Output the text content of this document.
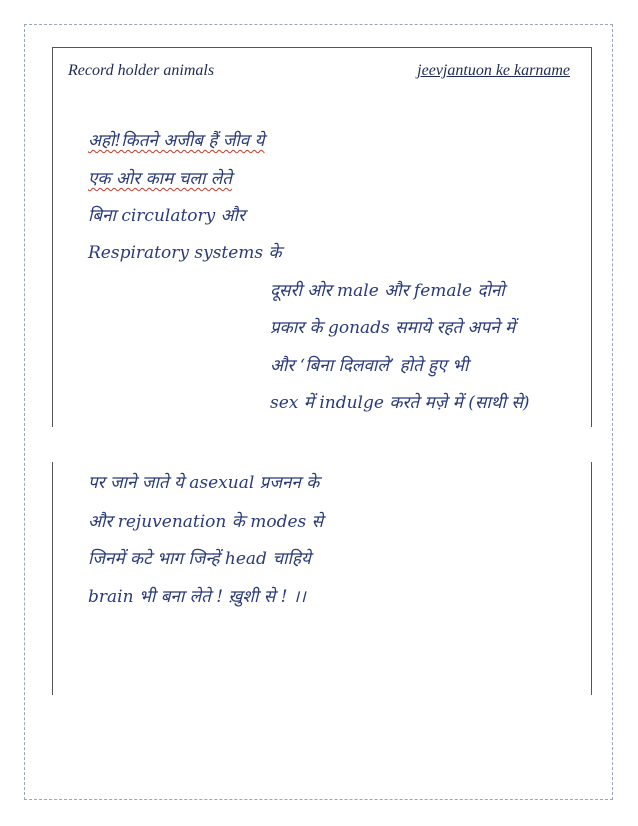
Record holder animals	jeevjantuon ke karname
अहो!कितने अजीब हैं जीव ये
एक ओर काम चला लेते
बिना circulatory और
Respiratory systems के
दूसरी ओर male और female दोनो
प्रकार के gonads समाये रहते अपने में
और ‘बिना दिलवाले’ होते हुए भी
sex में indulge करते मज़े में (साथी से)
पर जाने जाते ये asexual प्रजनन के
और rejuvenation के modes से
जिनमें कटे भाग जिन्हें head चाहिये
brain भी बना लेते ! ख़ुशी से ! ।।
